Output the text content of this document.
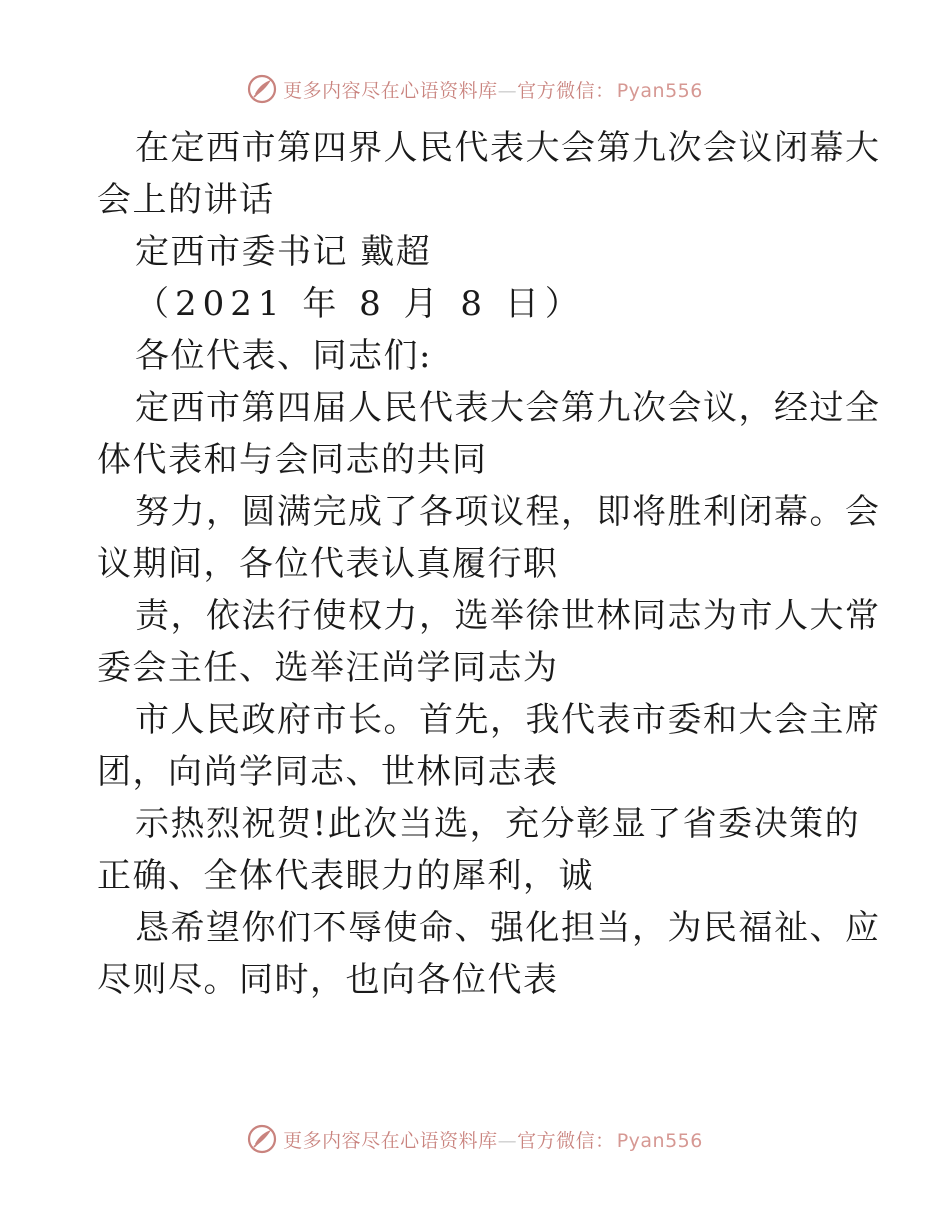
更多内容尽在心语资料库—官方微信： Pyan556
在定西市第四界人民代表大会第九次会议闭幕大
会上的讲话
定西市委书记 戴超
（2021 年 8 月 8 日）
各位代表、同志们:
定西市第四届人民代表大会第九次会议，经过全
体代表和与会同志的共同
努力，圆满完成了各项议程，即将胜利闭幕。会
议期间，各位代表认真履行职
责，依法行使权力，选举徐世林同志为市人大常
委会主任、选举汪尚学同志为
市人民政府市长。首先，我代表市委和大会主席
团，向尚学同志、世林同志表
示热烈祝贺!此次当选，充分彰显了省委决策的
正确、全体代表眼力的犀利，诚
恳希望你们不辱使命、强化担当，为民福祉、应
尽则尽。同时，也向各位代表
更多内容尽在心语资料库—官方微信： Pyan556
